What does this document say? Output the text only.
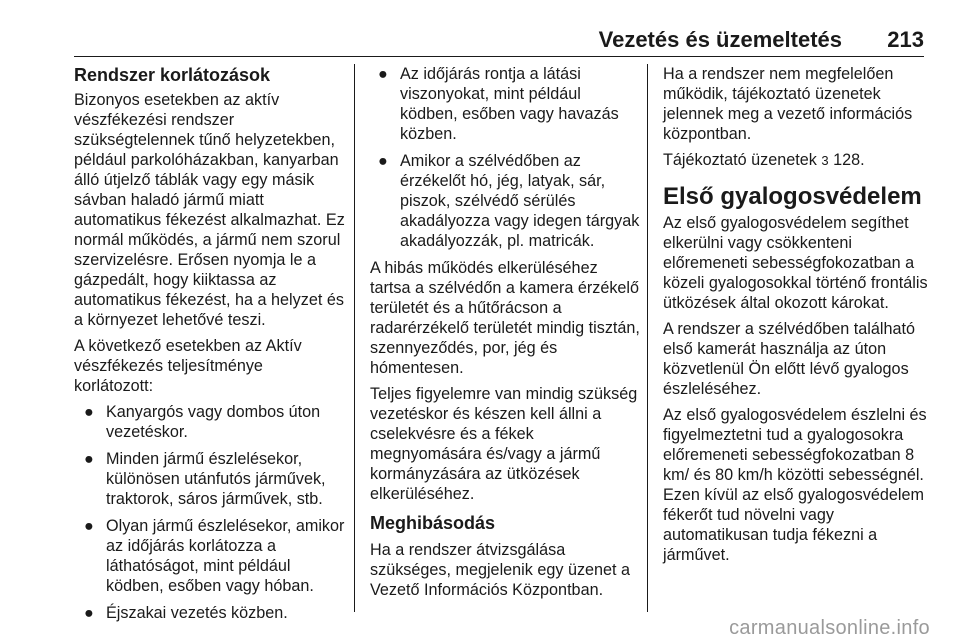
Vezetés és üzemeltetés 213
Rendszer korlátozások

Bizonyos esetekben az aktív vészfékezési rendszer szükségtelennek tűnő helyzetekben, például parkolóházakban, kanyarban álló útjelző táblák vagy egy másik sávban haladó jármű miatt automatikus fékezést alkalmazhat. Ez normál működés, a jármű nem szorul szervizelésre. Erősen nyomja le a gázpedált, hogy kiiktassa az automatikus fékezést, ha a helyzet és a környezet lehetővé teszi.

A következő esetekben az Aktív vészfékezés teljesítménye korlátozott:

● Kanyargós vagy dombos úton vezetéskor.
● Minden jármű észlelésekor, különösen utánfutós járművek, traktorok, sáros járművek, stb.
● Olyan jármű észlelésekor, amikor az időjárás korlátozza a láthatóságot, mint például ködben, esőben vagy hóban.
● Éjszakai vezetés közben.
● Az időjárás rontja a látási viszonyokat, mint például ködben, esőben vagy havazás közben.
● Amikor a szélvédőben az érzékelőt hó, jég, latyak, sár, piszok, szélvédő sérülés akadályozza vagy idegen tárgyak akadályozzák, pl. matricák.

A hibás működés elkerüléséhez tartsa a szélvédőn a kamera érzékelő területét és a hűtőrácson a radarérzékelő területét mindig tisztán, szennyeződés, por, jég és hómentesen.

Teljes figyelemre van mindig szükség vezetéskor és készen kell állni a cselekvésre és a fékek megnyomására és/vagy a jármű kormányzására az ütközések elkerüléséhez.

Meghibásodás

Ha a rendszer átvizsgálása szükséges, megjelenik egy üzenet a Vezető Információs Központban.

Ha a rendszer nem megfelelően működik, tájékoztató üzenetek jelennek meg a vezető információs központban.

Tájékoztató üzenetek 3 128.

Első gyalogosvédelem

Az első gyalogosvédelem segíthet elkerülni vagy csökkenteni előremeneti sebességfokozatban a közeli gyalogosokkal történő frontális ütközések által okozott károkat.

A rendszer a szélvédőben található első kamerát használja az úton közvetlenül Ön előtt lévő gyalogos észleléséhez.

Az első gyalogosvédelem észlelni és figyelmeztetni tud a gyalogosokra előremeneti sebességfokozatban 8 km/ és 80 km/h közötti sebességnél. Ezen kívül az első gyalogosvédelem fékerőt tud növelni vagy automatikusan tudja fékezni a járművet.

carmanualsonline.info
